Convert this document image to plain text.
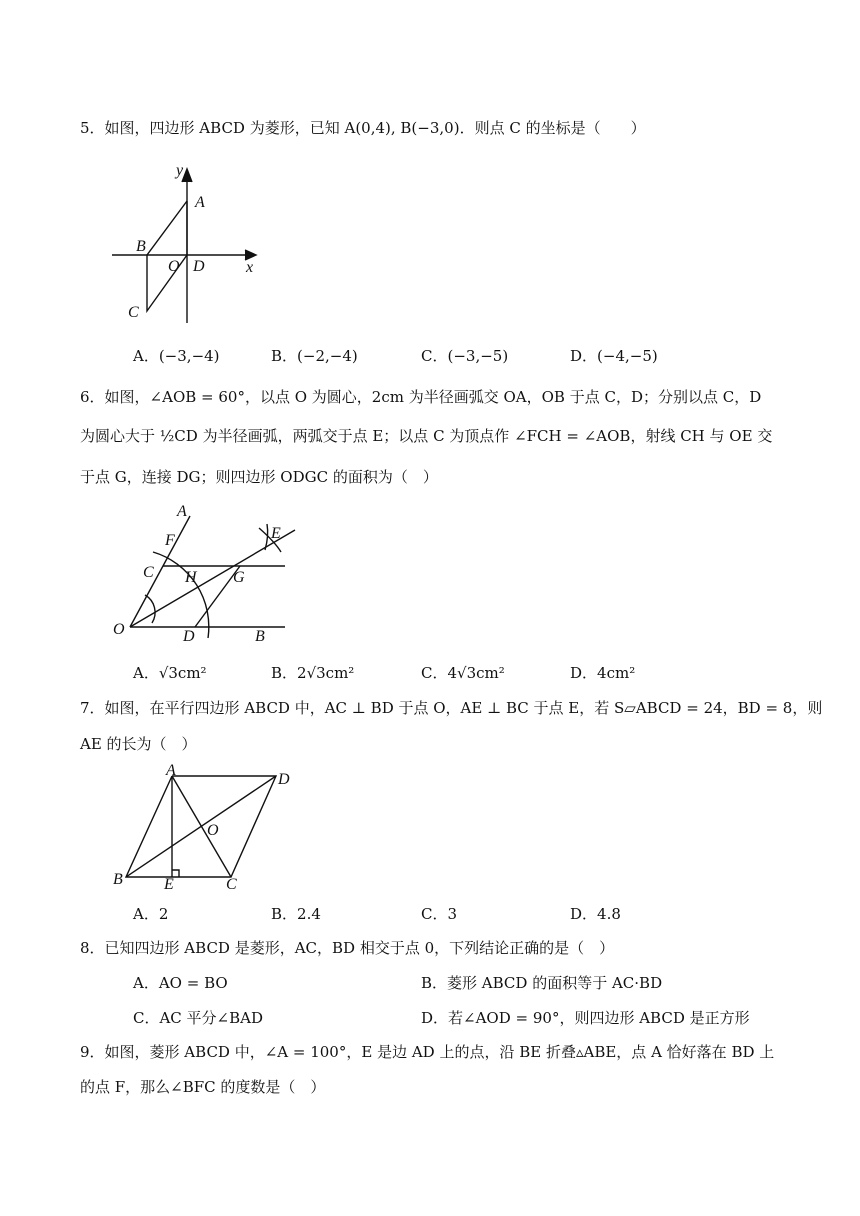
5．如图，四边形 ABCD 为菱形，已知 A(0,4), B(−3,0)．则点 C 的坐标是（　　）
y
A
B
O D	x
C
A．(−3,−4)	B．(−2,−4)	C．(−3,−5)	D．(−4,−5)
6．如图，∠AOB = 60°，以点 O 为圆心，2cm 为半径画弧交 OA，OB 于点 C，D；分别以点 C，D
为圆心大于 ½CD 为半径画弧，两弧交于点 E；以点 C 为顶点作 ∠FCH = ∠AOB，射线 CH 与 OE 交
于点 G，连接 DG；则四边形 ODGC 的面积为（　）
A
E
F
C H G
O	D	B
A．√3cm²	B．2√3cm²	C．4√3cm²	D．4cm²
7．如图，在平行四边形 ABCD 中，AC ⊥ BD 于点 O，AE ⊥ BC 于点 E，若 S▱ABCD = 24，BD = 8，则
AE 的长为（　）
A
D
O
B	E	C
A．2	B．2.4	C．3	D．4.8
8．已知四边形 ABCD 是菱形，AC，BD 相交于点 0，下列结论正确的是（　）
A．AO = BO	B．菱形 ABCD 的面积等于 AC·BD
C．AC 平分∠BAD	D．若∠AOD = 90°，则四边形 ABCD 是正方形
9．如图，菱形 ABCD 中，∠A = 100°，E 是边 AD 上的点，沿 BE 折叠▵ABE，点 A 恰好落在 BD 上
的点 F，那么∠BFC 的度数是（　）
